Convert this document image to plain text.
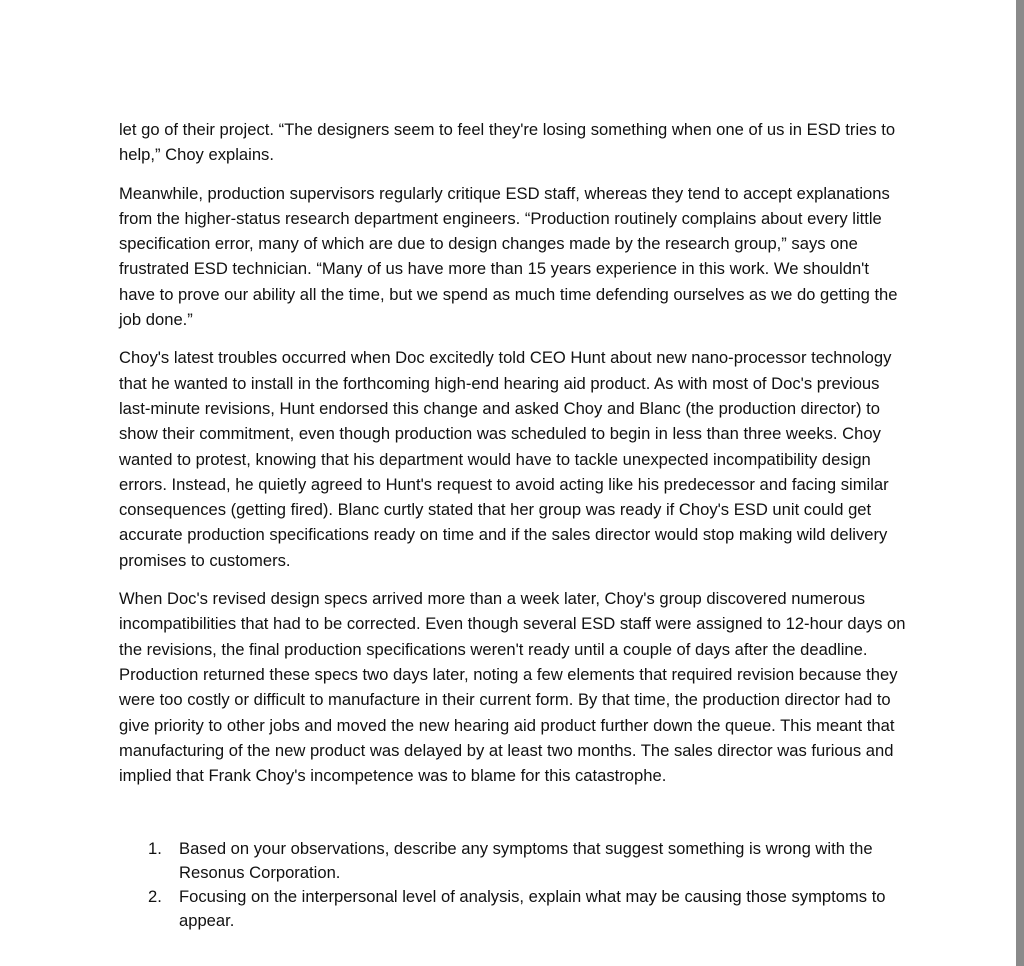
let go of their project. “The designers seem to feel they're losing something when one of us in ESD tries to help,” Choy explains.

Meanwhile, production supervisors regularly critique ESD staff, whereas they tend to accept explanations from the higher-status research department engineers. “Production routinely complains about every little specification error, many of which are due to design changes made by the research group,” says one frustrated ESD technician. “Many of us have more than 15 years experience in this work. We shouldn't have to prove our ability all the time, but we spend as much time defending ourselves as we do getting the job done.”

Choy's latest troubles occurred when Doc excitedly told CEO Hunt about new nano-processor technology that he wanted to install in the forthcoming high-end hearing aid product. As with most of Doc's previous last-minute revisions, Hunt endorsed this change and asked Choy and Blanc (the production director) to show their commitment, even though production was scheduled to begin in less than three weeks. Choy wanted to protest, knowing that his department would have to tackle unexpected incompatibility design errors. Instead, he quietly agreed to Hunt's request to avoid acting like his predecessor and facing similar consequences (getting fired). Blanc curtly stated that her group was ready if Choy's ESD unit could get accurate production specifications ready on time and if the sales director would stop making wild delivery promises to customers.

When Doc's revised design specs arrived more than a week later, Choy's group discovered numerous incompatibilities that had to be corrected. Even though several ESD staff were assigned to 12-hour days on the revisions, the final production specifications weren't ready until a couple of days after the deadline. Production returned these specs two days later, noting a few elements that required revision because they were too costly or difficult to manufacture in their current form. By that time, the production director had to give priority to other jobs and moved the new hearing aid product further down the queue. This meant that manufacturing of the new product was delayed by at least two months. The sales director was furious and implied that Frank Choy's incompetence was to blame for this catastrophe.

1. Based on your observations, describe any symptoms that suggest something is wrong with the Resonus Corporation.
2. Focusing on the interpersonal level of analysis, explain what may be causing those symptoms to appear.
